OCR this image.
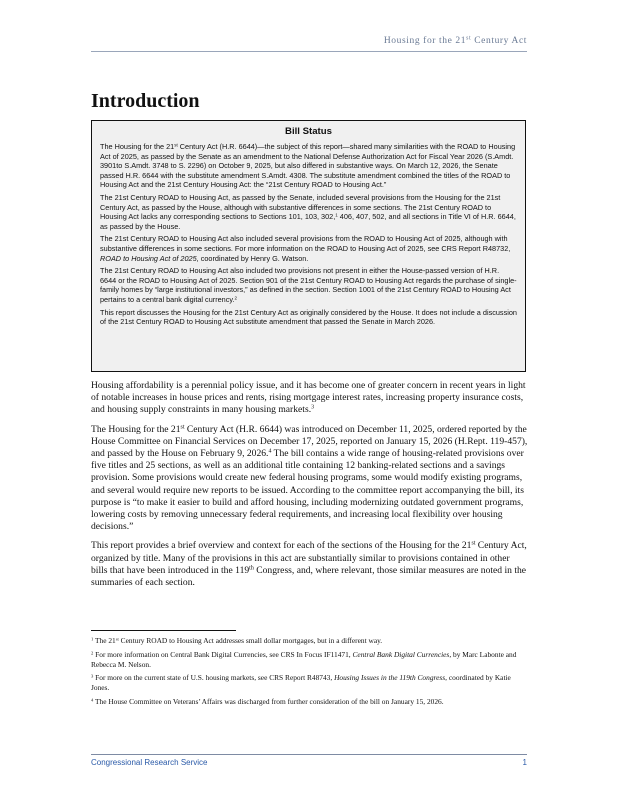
Housing for the 21st Century Act
Introduction
Bill Status

The Housing for the 21st Century Act (H.R. 6644)—the subject of this report—shared many similarities with the ROAD to Housing Act of 2025, as passed by the Senate as an amendment to the National Defense Authorization Act for Fiscal Year 2026 (S.Amdt. 3901to S.Amdt. 3748 to S. 2296) on October 9, 2025, but also differed in substantive ways. On March 12, 2026, the Senate passed H.R. 6644 with the substitute amendment S.Amdt. 4308. The substitute amendment combined the titles of the ROAD to Housing Act and the 21st Century Housing Act: the “21st Century ROAD to Housing Act.”

The 21st Century ROAD to Housing Act, as passed by the Senate, included several provisions from the Housing for the 21st Century Act, as passed by the House, although with substantive differences in some sections. The 21st Century ROAD to Housing Act lacks any corresponding sections to Sections 101, 103, 302,$^1$ 406, 407, 502, and all sections in Title VI of H.R. 6644, as passed by the House.

The 21st Century ROAD to Housing Act also included several provisions from the ROAD to Housing Act of 2025, although with substantive differences in some sections. For more information on the ROAD to Housing Act of 2025, see CRS Report R48732, ROAD to Housing Act of 2025, coordinated by Henry G. Watson.

The 21st Century ROAD to Housing Act also included two provisions not present in either the House-passed version of H.R. 6644 or the ROAD to Housing Act of 2025. Section 901 of the 21st Century ROAD to Housing Act regards the purchase of single-family homes by “large institutional investors,” as defined in the section. Section 1001 of the 21st Century ROAD to Housing Act pertains to a central bank digital currency.$^2$

This report discusses the Housing for the 21st Century Act as originally considered by the House. It does not include a discussion of the 21st Century ROAD to Housing Act substitute amendment that passed the Senate in March 2026.

Housing affordability is a perennial policy issue, and it has become one of greater concern in recent years in light of notable increases in house prices and rents, rising mortgage interest rates, increasing property insurance costs, and housing supply constraints in many housing markets.$^3$

The Housing for the 21st Century Act (H.R. 6644) was introduced on December 11, 2025, ordered reported by the House Committee on Financial Services on December 17, 2025, reported on January 15, 2026 (H.Rept. 119-457), and passed by the House on February 9, 2026.$^4$ The bill contains a wide range of housing-related provisions over five titles and 25 sections, as well as an additional title containing 12 banking-related sections and a savings provision. Some provisions would create new federal housing programs, some would modify existing programs, and several would require new reports to be issued. According to the committee report accompanying the bill, its purpose is “to make it easier to build and afford housing, including modernizing outdated government programs, lowering costs by removing unnecessary federal requirements, and increasing local flexibility over housing decisions.”

This report provides a brief overview and context for each of the sections of the Housing for the 21st Century Act, organized by title. Many of the provisions in this act are substantially similar to provisions contained in other bills that have been introduced in the 119th Congress, and, where relevant, those similar measures are noted in the summaries of each section.

$^1$ The 21st Century ROAD to Housing Act addresses small dollar mortgages, but in a different way.

$^2$ For more information on Central Bank Digital Currencies, see CRS In Focus IF11471, Central Bank Digital Currencies, by Marc Labonte and Rebecca M. Nelson.

$^3$ For more on the current state of U.S. housing markets, see CRS Report R48743, Housing Issues in the 119th Congress, coordinated by Katie Jones.

$^4$ The House Committee on Veterans’ Affairs was discharged from further consideration of the bill on January 15, 2026.

Congressional Research Service	1
